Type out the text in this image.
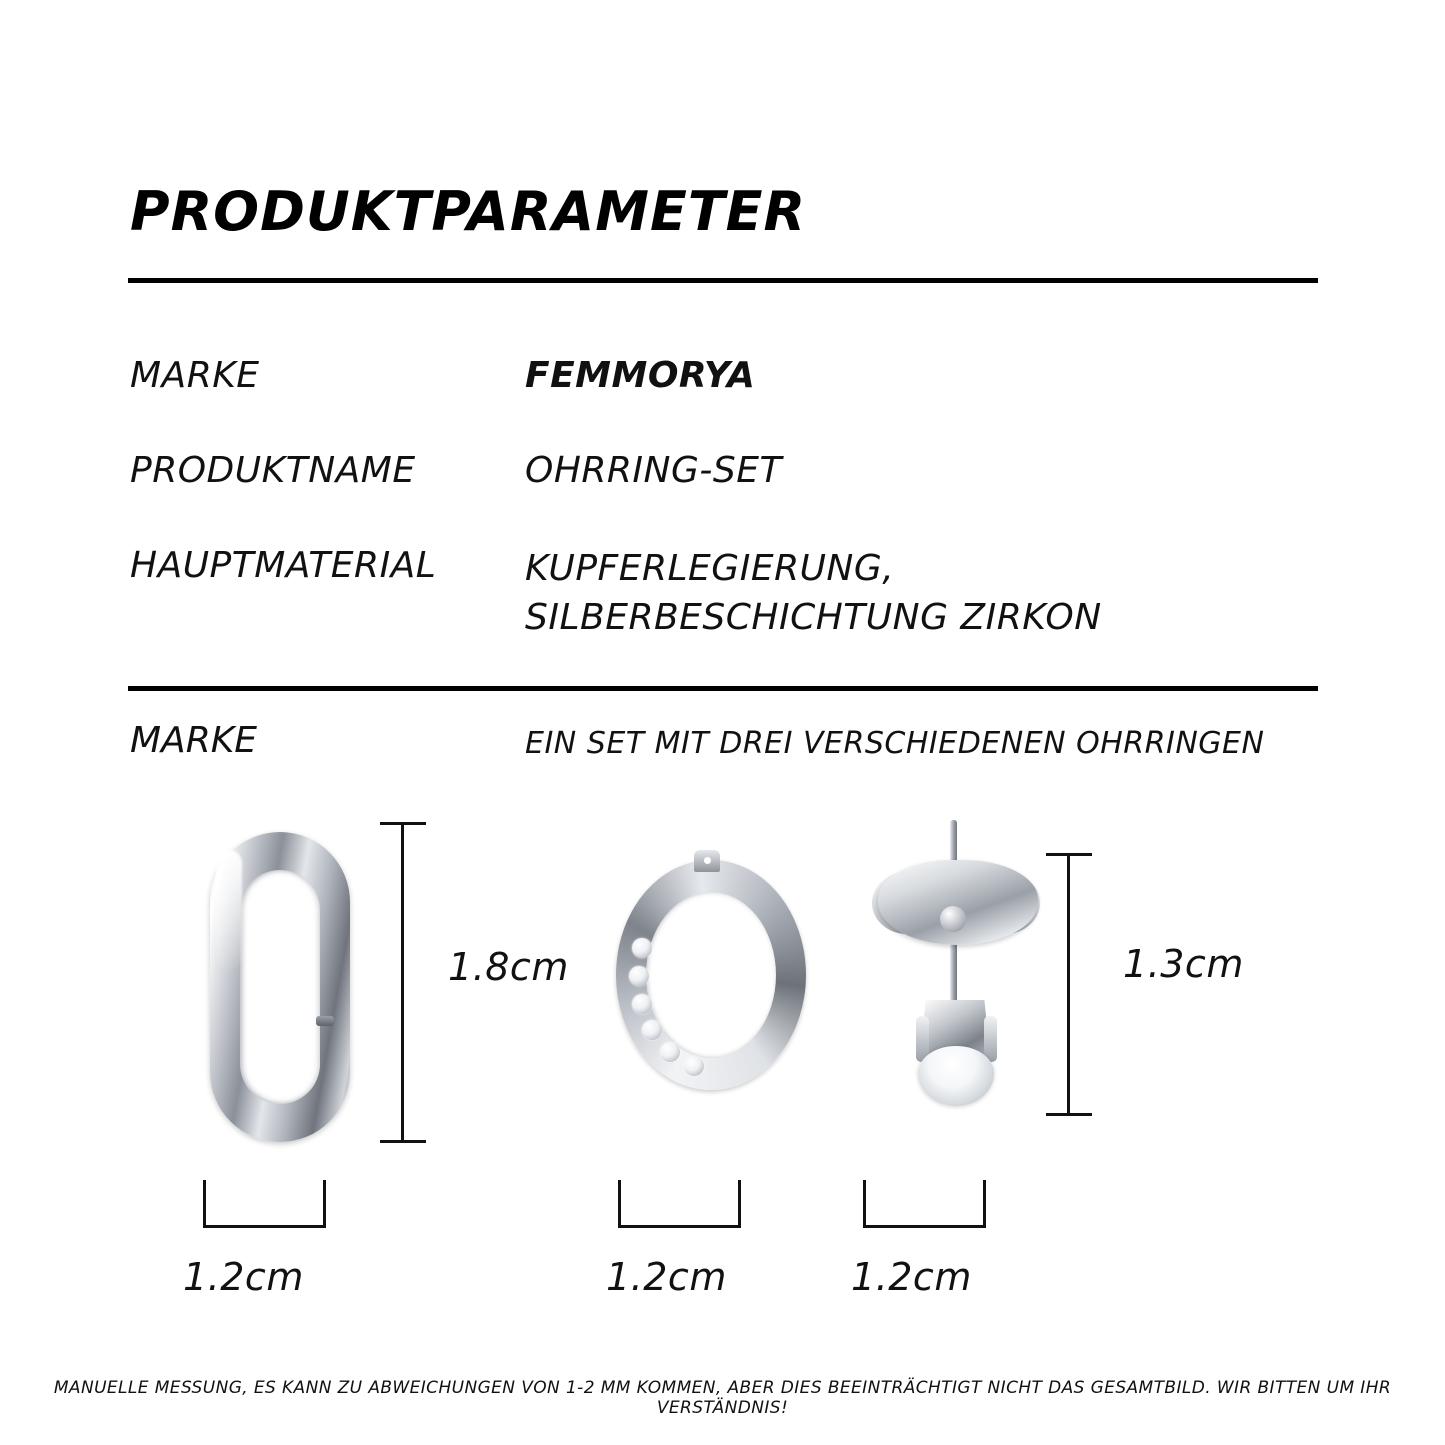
PRODUKTPARAMETER
MARKE	FEMMORYA
PRODUKTNAME	OHRRING-SET
HAUPTMATERIAL KUPFERLEGIERUNG, SILBERBESCHICHTUNG ZIRKON
MARKE	EIN SET MIT DREI VERSCHIEDENEN OHRRINGEN
1.8cm	1.3cm
1.2cm	1.2cm	1.2cm
MANUELLE MESSUNG, ES KANN ZU ABWEICHUNGEN VON 1-2 MM KOMMEN, ABER DIES BEEINTRÄCHTIGT NICHT DAS GESAMTBILD. WIR BITTEN UM IHR VERSTÄNDNIS!
